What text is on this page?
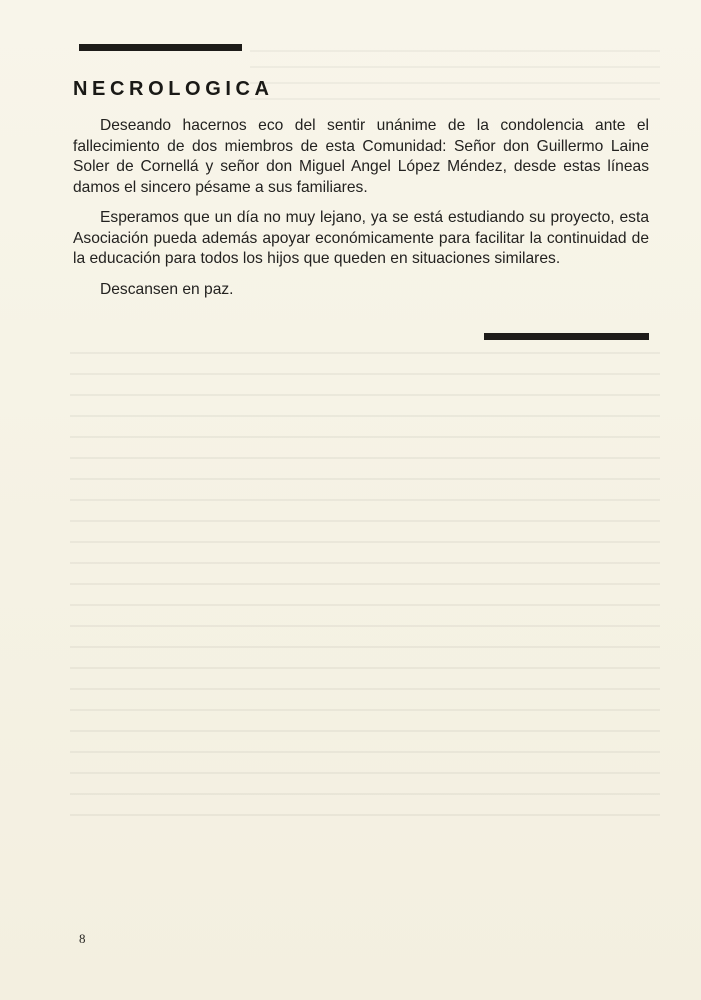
NECROLOGICA

Deseando hacernos eco del sentir unánime de la condolencia ante el fallecimiento de dos miembros de esta Comunidad: Señor don Guillermo Laine Soler de Cornellá y señor don Miguel Angel López Méndez, desde estas líneas damos el sincero pésame a sus familiares.

Esperamos que un día no muy lejano, ya se está estudiando su proyecto, esta Asociación pueda además apoyar económicamente para facilitar la continuidad de la educación para todos los hijos que queden en situaciones similares.

Descansen en paz.

8
